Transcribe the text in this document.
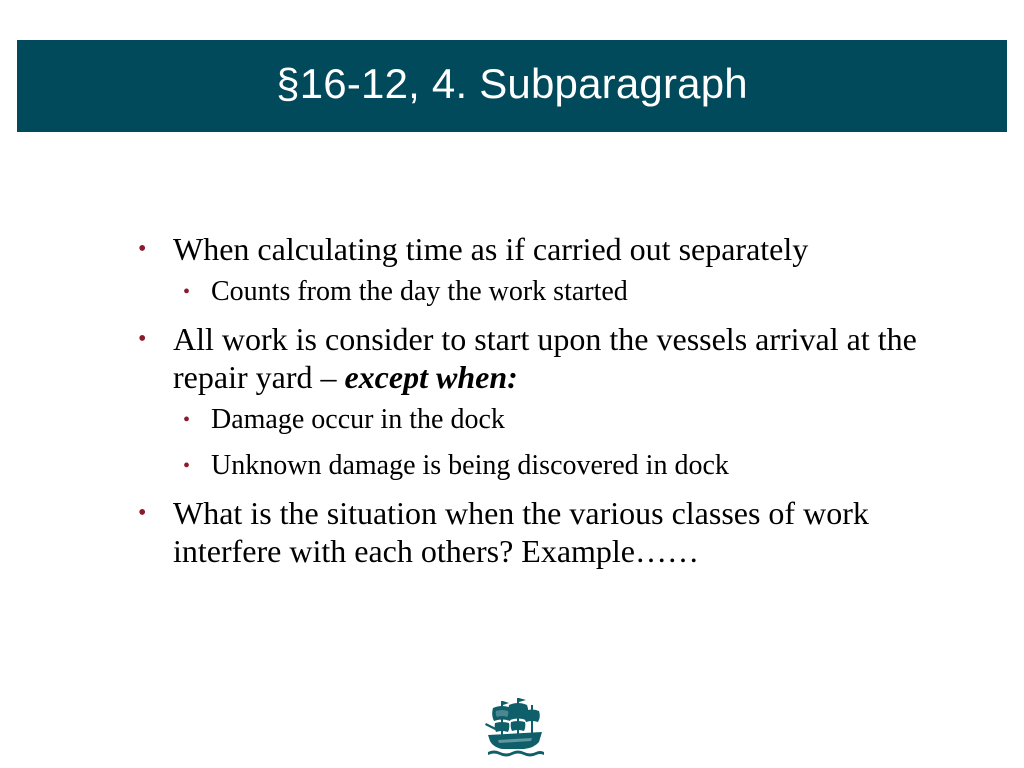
§16-12, 4. Subparagraph
• When calculating time as if carried out separately
• Counts from the day the work started
• All work is consider to start upon the vessels arrival at the repair yard – except when:
• Damage occur in the dock
• Unknown damage is being discovered in dock
• What is the situation when the various classes of work interfere with each others? Example……
